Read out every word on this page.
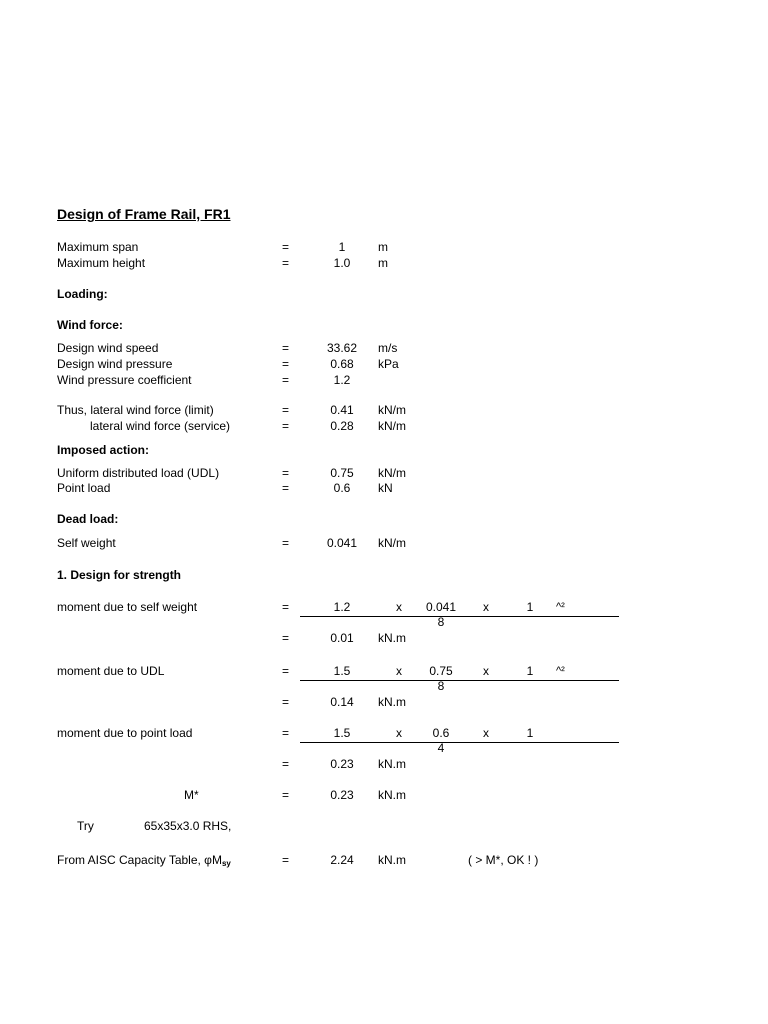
Design of Frame Rail, FR1
Maximum span	=	1	m
Maximum height	=	1.0	m
Loading:
Wind force:
Design wind speed	=	33.62	m/s
Design wind pressure	=	0.68	kPa
Wind pressure coefficient	=	1.2
Thus, lateral wind force (limit)	=	0.41	kN/m
lateral wind force (service)	=	0.28	kN/m
Imposed action:
Uniform distributed load (UDL)	=	0.75	kN/m
Point load	=	0.6	kN
Dead load:
Self weight	=	0.041	kN/m
1. Design for strength
moment due to self weight	=	1.2	x	0.041	x	1	^²
8
=	0.01	kN.m
moment due to UDL	=	1.5	x	0.75	x	1	^²
8
=	0.14	kN.m
moment due to point load	=	1.5	x	0.6	x	1
4
=	0.23	kN.m
M*	=	0.23	kN.m
Try	65x35x3.0 RHS,
From AISC Capacity Table, $\varphi M_{sy}$	=	2.24	kN.m	( > M*, OK ! )
